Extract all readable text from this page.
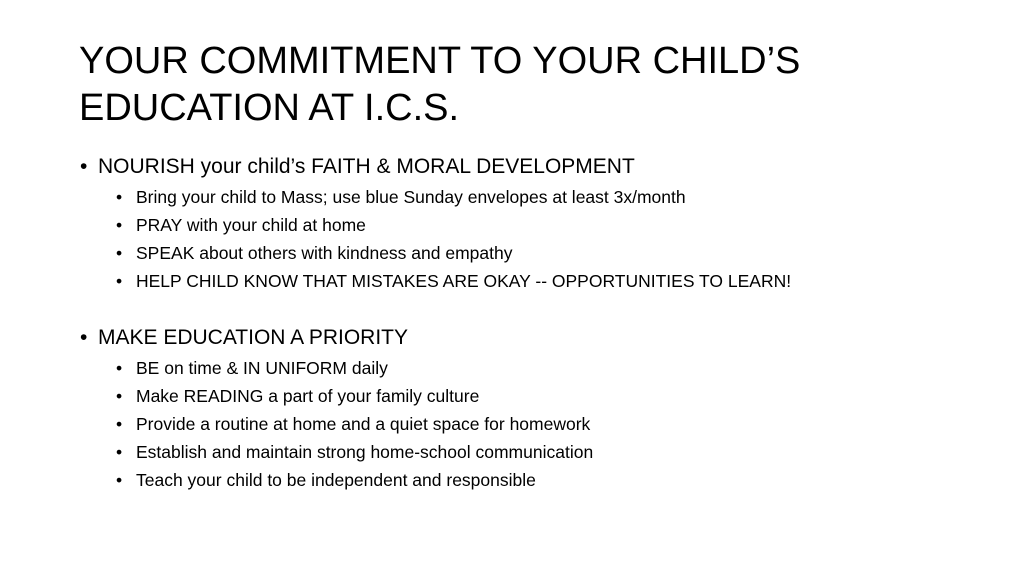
YOUR COMMITMENT TO YOUR CHILD’S
EDUCATION AT I.C.S.
• NOURISH your child’s FAITH & MORAL DEVELOPMENT
• Bring your child to Mass; use blue Sunday envelopes at least 3x/month
• PRAY with your child at home
• SPEAK about others with kindness and empathy
• HELP CHILD KNOW THAT MISTAKES ARE OKAY -- OPPORTUNITIES TO LEARN!
• MAKE EDUCATION A PRIORITY
• BE on time & IN UNIFORM daily
• Make READING a part of your family culture
• Provide a routine at home and a quiet space for homework
• Establish and maintain strong home-school communication
• Teach your child to be independent and responsible
